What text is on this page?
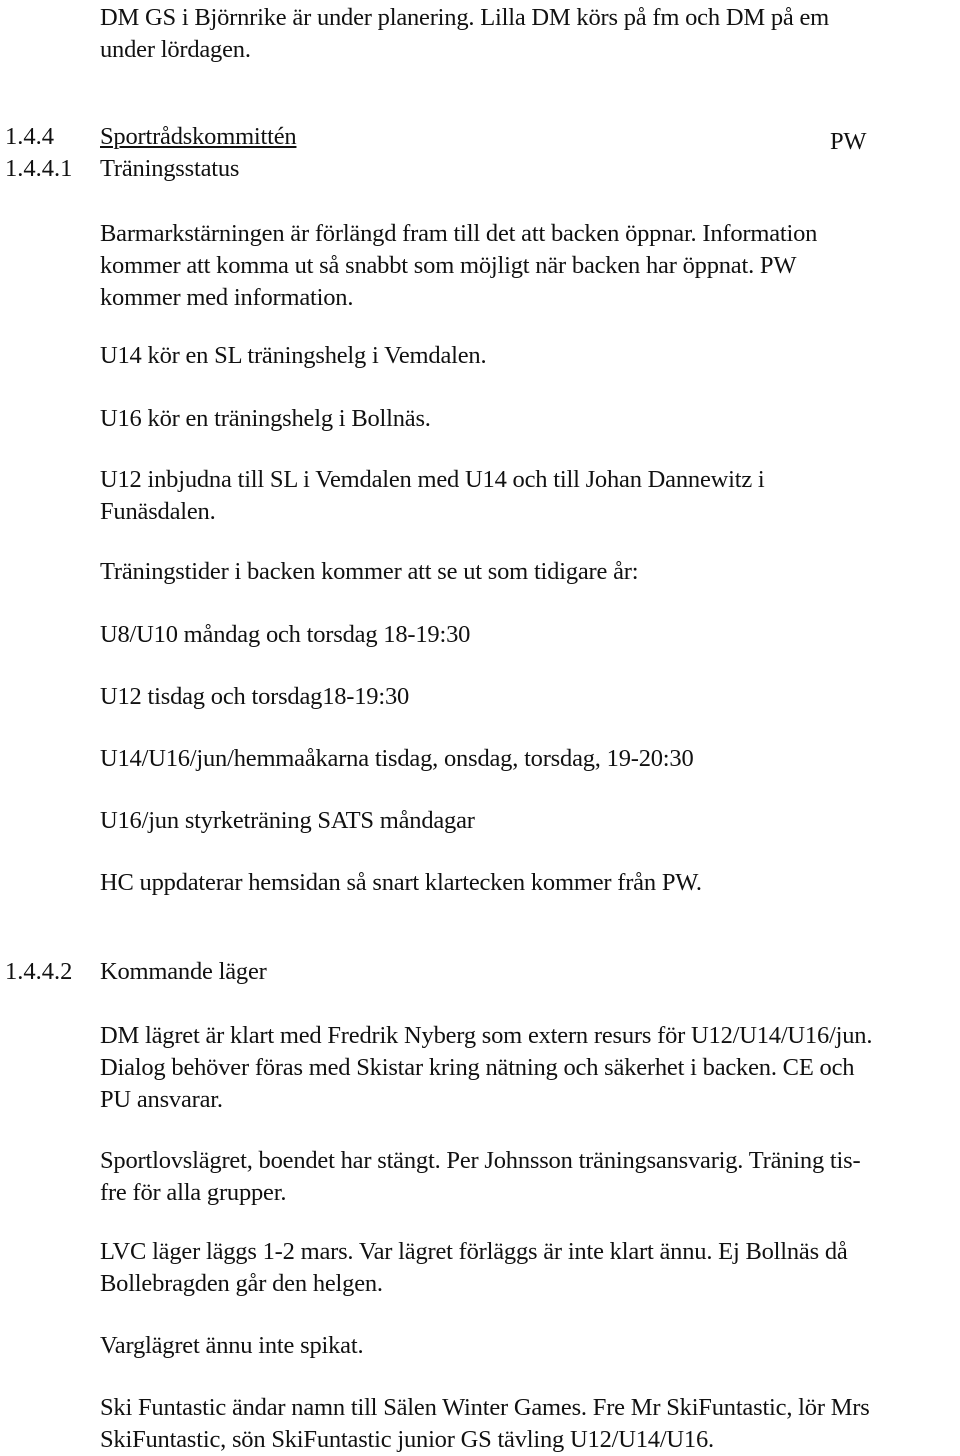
DM GS i Björnrike är under planering. Lilla DM körs på fm och DM på em
under lördagen.
1.4.4 Sportrådskommittén	PW
1.4.4.1 Träningsstatus
Barmarkstärningen är förlängd fram till det att backen öppnar. Information
kommer att komma ut så snabbt som möjligt när backen har öppnat. PW
kommer med information.
U14 kör en SL träningshelg i Vemdalen.
U16 kör en träningshelg i Bollnäs.
U12 inbjudna till SL i Vemdalen med U14 och till Johan Dannewitz i
Funäsdalen.
Träningstider i backen kommer att se ut som tidigare år:
U8/U10 måndag och torsdag 18-19:30
U12 tisdag och torsdag18-19:30
U14/U16/jun/hemmaåkarna tisdag, onsdag, torsdag, 19-20:30
U16/jun styrketräning SATS måndagar
HC uppdaterar hemsidan så snart klartecken kommer från PW.
1.4.4.2 Kommande läger
DM lägret är klart med Fredrik Nyberg som extern resurs för U12/U14/U16/jun.
Dialog behöver föras med Skistar kring nätning och säkerhet i backen. CE och
PU ansvarar.
Sportlovslägret, boendet har stängt. Per Johnsson träningsansvarig. Träning tis-
fre för alla grupper.
LVC läger läggs 1-2 mars. Var lägret förläggs är inte klart ännu. Ej Bollnäs då
Bollebragden går den helgen.
Varglägret ännu inte spikat.
Ski Funtastic ändar namn till Sälen Winter Games. Fre Mr SkiFuntastic, lör Mrs
SkiFuntastic, sön SkiFuntastic junior GS tävling U12/U14/U16.
